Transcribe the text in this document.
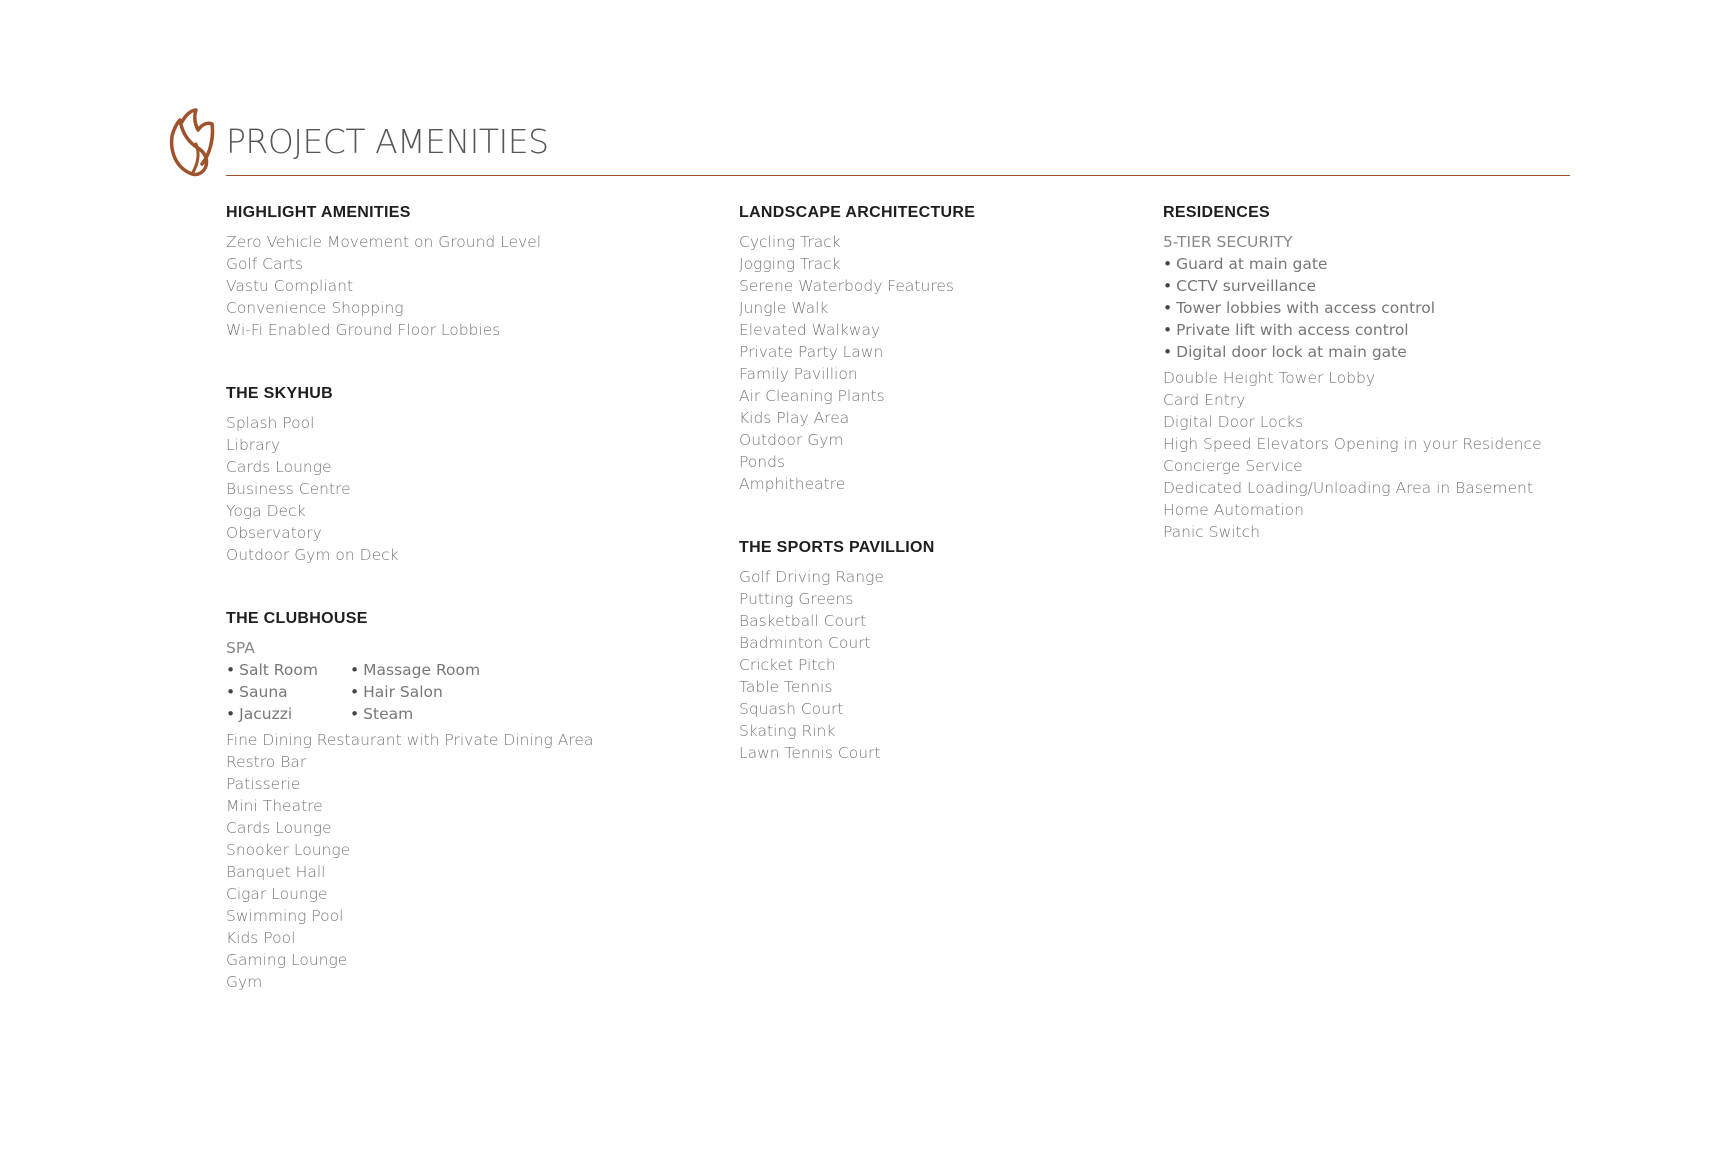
PROJECT AMENITIES
HIGHLIGHT AMENITIES
Zero Vehicle Movement on Ground Level
Golf Carts
Vastu Compliant
Convenience Shopping
Wi-Fi Enabled Ground Floor Lobbies
THE SKYHUB
Splash Pool
Library
Cards Lounge
Business Centre
Yoga Deck
Observatory
Outdoor Gym on Deck
THE CLUBHOUSE
SPA
• Salt Room	• Massage Room
• Sauna	• Hair Salon
• Jacuzzi	• Steam
Fine Dining Restaurant with Private Dining Area
Restro Bar
Patisserie
Mini Theatre
Cards Lounge
Snooker Lounge
Banquet Hall
Cigar Lounge
Swimming Pool
Kids Pool
Gaming Lounge
Gym
LANDSCAPE ARCHITECTURE
Cycling Track
Jogging Track
Serene Waterbody Features
Jungle Walk
Elevated Walkway
Private Party Lawn
Family Pavillion
Air Cleaning Plants
Kids Play Area
Outdoor Gym
Ponds
Amphitheatre
THE SPORTS PAVILLION
Golf Driving Range
Putting Greens
Basketball Court
Badminton Court
Cricket Pitch
Table Tennis
Squash Court
Skating Rink
Lawn Tennis Court
RESIDENCES
5-TIER SECURITY
• Guard at main gate
• CCTV surveillance
• Tower lobbies with access control
• Private lift with access control
• Digital door lock at main gate
Double Height Tower Lobby
Card Entry
Digital Door Locks
High Speed Elevators Opening in your Residence
Concierge Service
Dedicated Loading/Unloading Area in Basement
Home Automation
Panic Switch
